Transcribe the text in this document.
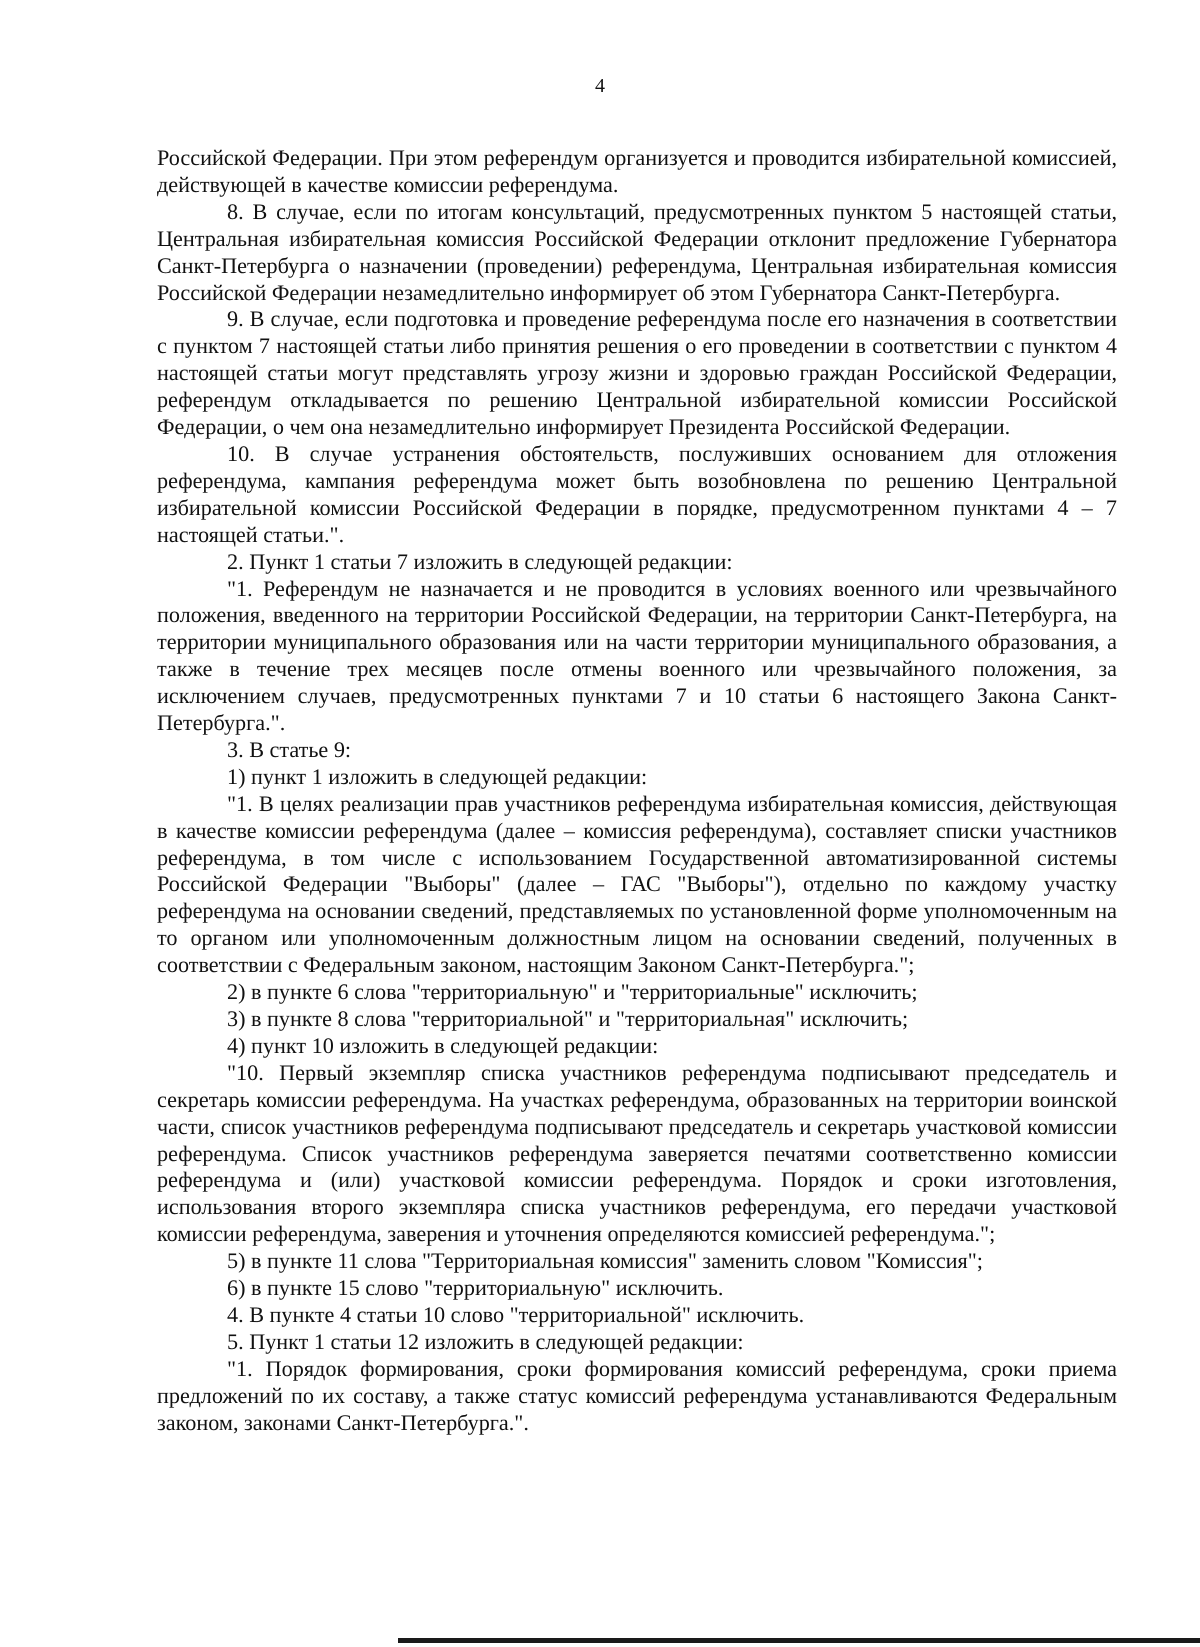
4

Российской Федерации. При этом референдум организуется и проводится избирательной комиссией, действующей в качестве комиссии референдума.

8. В случае, если по итогам консультаций, предусмотренных пунктом 5 настоящей статьи, Центральная избирательная комиссия Российской Федерации отклонит предложение Губернатора Санкт-Петербурга о назначении (проведении) референдума, Центральная избирательная комиссия Российской Федерации незамедлительно информирует об этом Губернатора Санкт-Петербурга.

9. В случае, если подготовка и проведение референдума после его назначения в соответствии с пунктом 7 настоящей статьи либо принятия решения о его проведении в соответствии с пунктом 4 настоящей статьи могут представлять угрозу жизни и здоровью граждан Российской Федерации, референдум откладывается по решению Центральной избирательной комиссии Российской Федерации, о чем она незамедлительно информирует Президента Российской Федерации.

10. В случае устранения обстоятельств, послуживших основанием для отложения референдума, кампания референдума может быть возобновлена по решению Центральной избирательной комиссии Российской Федерации в порядке, предусмотренном пунктами 4 – 7 настоящей статьи.".

2. Пункт 1 статьи 7 изложить в следующей редакции:

"1. Референдум не назначается и не проводится в условиях военного или чрезвычайного положения, введенного на территории Российской Федерации, на территории Санкт-Петербурга, на территории муниципального образования или на части территории муниципального образования, а также в течение трех месяцев после отмены военного или чрезвычайного положения, за исключением случаев, предусмотренных пунктами 7 и 10 статьи 6 настоящего Закона Санкт-Петербурга.".

3. В статье 9:

1) пункт 1 изложить в следующей редакции:

"1. В целях реализации прав участников референдума избирательная комиссия, действующая в качестве комиссии референдума (далее – комиссия референдума), составляет списки участников референдума, в том числе с использованием Государственной автоматизированной системы Российской Федерации "Выборы" (далее – ГАС "Выборы"), отдельно по каждому участку референдума на основании сведений, представляемых по установленной форме уполномоченным на то органом или уполномоченным должностным лицом на основании сведений, полученных в соответствии с Федеральным законом, настоящим Законом Санкт-Петербурга.";

2) в пункте 6 слова "территориальную" и "территориальные" исключить;

3) в пункте 8 слова "территориальной" и "территориальная" исключить;

4) пункт 10 изложить в следующей редакции:

"10. Первый экземпляр списка участников референдума подписывают председатель и секретарь комиссии референдума. На участках референдума, образованных на территории воинской части, список участников референдума подписывают председатель и секретарь участковой комиссии референдума. Список участников референдума заверяется печатями соответственно комиссии референдума и (или) участковой комиссии референдума. Порядок и сроки изготовления, использования второго экземпляра списка участников референдума, его передачи участковой комиссии референдума, заверения и уточнения определяются комиссией референдума.";

5) в пункте 11 слова "Территориальная комиссия" заменить словом "Комиссия";

6) в пункте 15 слово "территориальную" исключить.

4. В пункте 4 статьи 10 слово "территориальной" исключить.

5. Пункт 1 статьи 12 изложить в следующей редакции:

"1. Порядок формирования, сроки формирования комиссий референдума, сроки приема предложений по их составу, а также статус комиссий референдума устанавливаются Федеральным законом, законами Санкт-Петербурга.".
